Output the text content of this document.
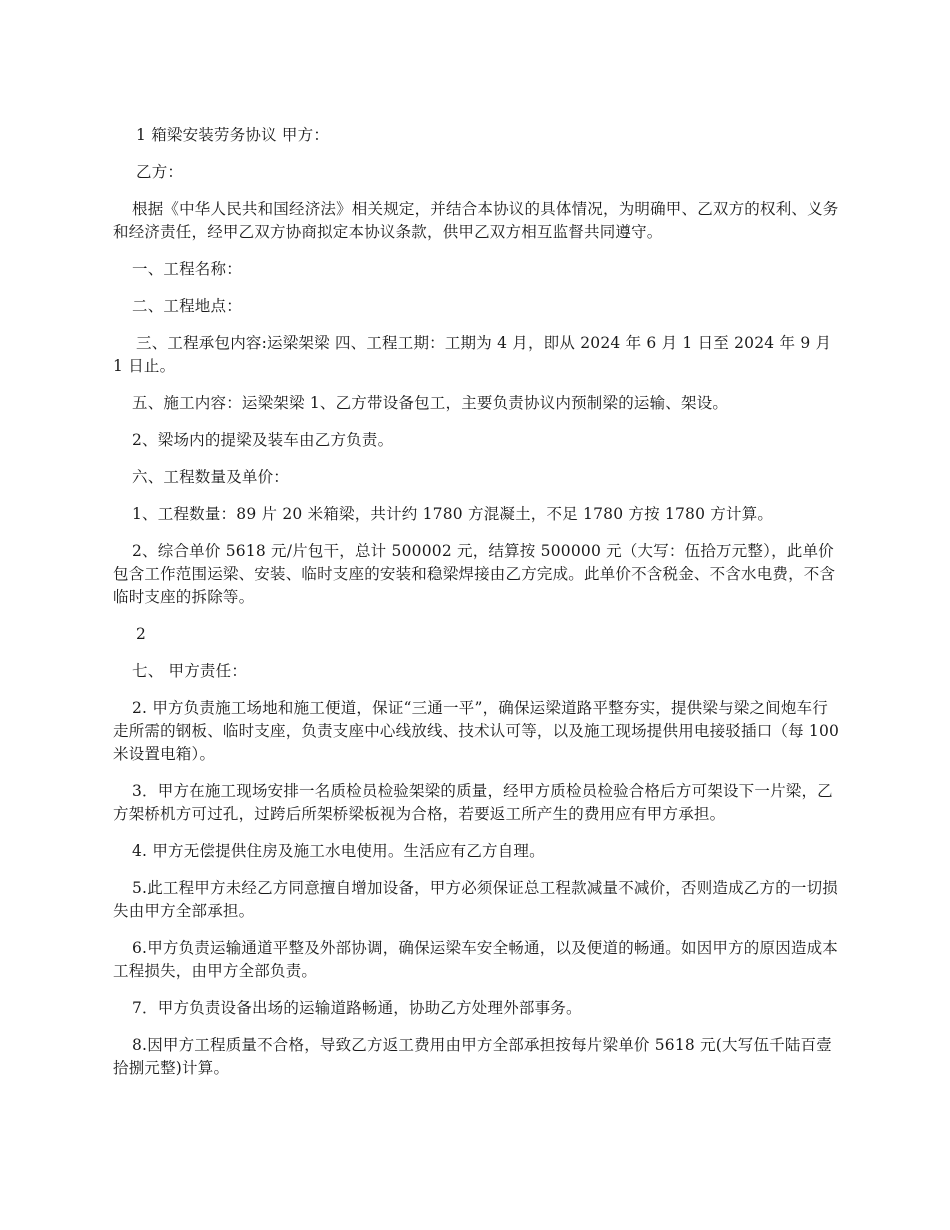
1 箱梁安装劳务协议 甲方：

乙方：

根据《中华人民共和国经济法》相关规定，并结合本协议的具体情况，为明确甲、乙双方的权利、义务和经济责任，经甲乙双方协商拟定本协议条款，供甲乙双方相互监督共同遵守。

一、工程名称：

二、工程地点：

三、工程承包内容:运梁架梁 四、工程工期：工期为 4 月，即从 2024 年 6 月 1 日至 2024 年 9 月 1 日止。

五、施工内容：运梁架梁 1、乙方带设备包工，主要负责协议内预制梁的运输、架设。

2、梁场内的提梁及装车由乙方负责。

六、工程数量及单价：

1、工程数量：89 片 20 米箱梁，共计约 1780 方混凝土，不足 1780 方按 1780 方计算。

2、综合单价 5618 元/片包干，总计 500002 元，结算按 500000 元（大写：伍拾万元整），此单价包含工作范围运梁、安装、临时支座的安装和稳梁焊接由乙方完成。此单价不含税金、不含水电费，不含临时支座的拆除等。

2

七、 甲方责任：

2. 甲方负责施工场地和施工便道，保证“三通一平”，确保运梁道路平整夯实，提供梁与梁之间炮车行走所需的钢板、临时支座，负责支座中心线放线、技术认可等，以及施工现场提供用电接驳插口（每 100 米设置电箱）。

3．甲方在施工现场安排一名质检员检验架梁的质量，经甲方质检员检验合格后方可架设下一片梁，乙方架桥机方可过孔，过跨后所架桥梁板视为合格，若要返工所产生的费用应有甲方承担。

4. 甲方无偿提供住房及施工水电使用。生活应有乙方自理。

5.此工程甲方未经乙方同意擅自增加设备，甲方必须保证总工程款减量不减价，否则造成乙方的一切损失由甲方全部承担。

6.甲方负责运输通道平整及外部协调，确保运梁车安全畅通，以及便道的畅通。如因甲方的原因造成本工程损失，由甲方全部负责。

7．甲方负责设备出场的运输道路畅通，协助乙方处理外部事务。

8.因甲方工程质量不合格，导致乙方返工费用由甲方全部承担按每片梁单价 5618 元(大写伍千陆百壹拾捌元整)计算。
